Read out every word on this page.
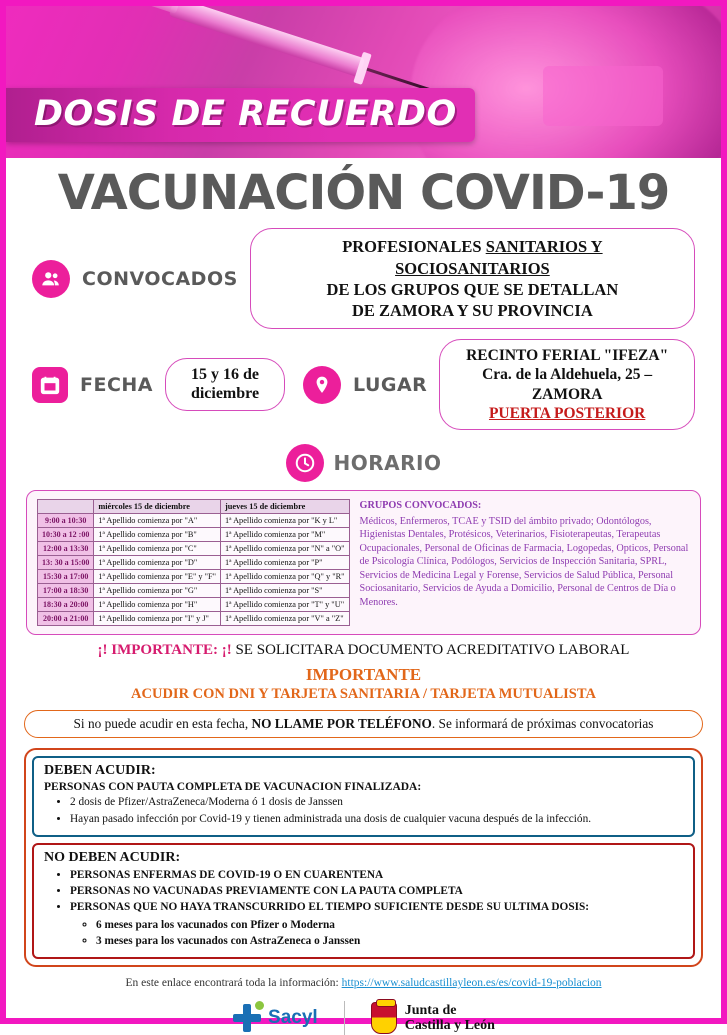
DOSIS DE RECUERDO
VACUNACIÓN COVID-19
CONVOCADOS
PROFESIONALES SANITARIOS Y SOCIOSANITARIOS
DE LOS GRUPOS QUE SE DETALLAN
DE ZAMORA Y SU PROVINCIA
FECHA	15 y 16 de
diciembre	LUGAR
RECINTO FERIAL "IFEZA"
Cra. de la Aldehuela, 25 – ZAMORA
PUERTA POSTERIOR
HORARIO
	miércoles 15 de diciembre	jueves 15 de diciembre
9:00 a 10:30	1ª Apellido comienza por "A"	1ª Apellido comienza por "K y L"
10:30 a 12 :00	1ª Apellido comienza por "B"	1ª Apellido comienza por "M"
12:00 a 13:30	1ª Apellido comienza por "C"	1ª Apellido comienza por "N" a "O"
13: 30 a 15:00	1ª Apellido comienza por "D"	1ª Apellido comienza por "P"
15:30 a 17:00	1ª Apellido comienza por "E" y "F"	1ª Apellido comienza por "Q" y "R"
17:00 a 18:30	1ª Apellido comienza por "G"	1ª Apellido comienza por "S"
18:30 a 20:00	1ª Apellido comienza por "H"	1ª Apellido comienza por "T" y "U"
20:00 a 21:00	1ª Apellido comienza por "I" y J"	1ª Apellido comienza por "V" a "Z"
GRUPOS CONVOCADOS:
Médicos, Enfermeros, TCAE y TSID del ámbito privado; Odontólogos, Higienistas Dentales, Protésicos, Veterinarios, Fisioterapeutas, Terapeutas Ocupacionales, Personal de Oficinas de Farmacia, Logopedas, Opticos, Personal de Psicología Clínica, Podólogos, Servicios de Inspección Sanitaria, SPRL, Servicios de Medicina Legal y Forense, Servicios de Salud Pública, Personal Sociosanitario, Servicios de Ayuda a Domicilio, Personal de Centros de Día o Menores.
¡! IMPORTANTE: ¡! SE SOLICITARA DOCUMENTO ACREDITATIVO LABORAL
IMPORTANTE
ACUDIR CON DNI Y TARJETA SANITARIA / TARJETA MUTUALISTA
Si no puede acudir en esta fecha, NO LLAME POR TELÉFONO. Se informará de próximas convocatorias
DEBEN ACUDIR:
PERSONAS CON PAUTA COMPLETA DE VACUNACION FINALIZADA:
• 2 dosis de Pfizer/AstraZeneca/Moderna ó 1 dosis de Janssen
• Hayan pasado infección por Covid-19 y tienen administrada una dosis de cualquier vacuna después de la infección.
NO DEBEN ACUDIR:
• PERSONAS ENFERMAS DE COVID-19 O EN CUARENTENA
• PERSONAS NO VACUNADAS PREVIAMENTE CON LA PAUTA COMPLETA
• PERSONAS QUE NO HAYA TRANSCURRIDO EL TIEMPO SUFICIENTE DESDE SU ULTIMA DOSIS:
◦ 6 meses para los vacunados con Pfizer o Moderna
◦ 3 meses para los vacunados con AstraZeneca o Janssen
En este enlace encontrará toda la información: https://www.saludcastillayleon.es/es/covid-19-poblacion
Sacyl	Junta de
Castilla y León
